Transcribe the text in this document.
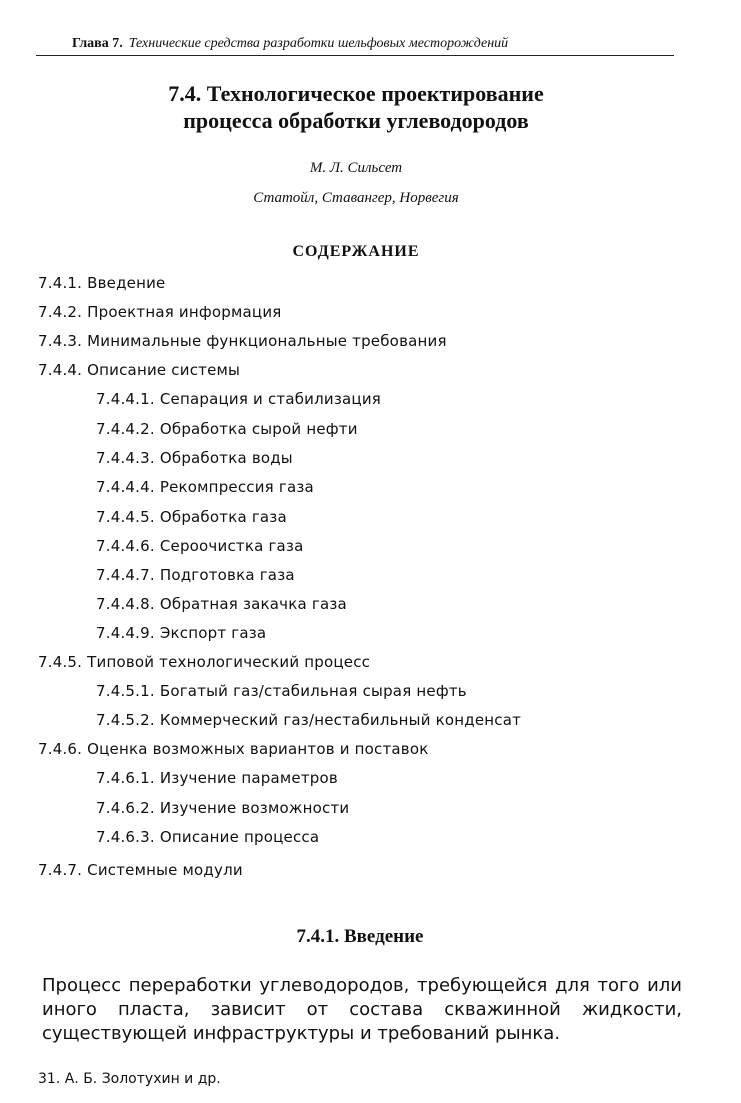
Глава 7. Технические средства разработки шельфовых месторождений
7.4. Технологическое проектирование
процесса обработки углеводородов
М. Л. Сильсет
Статойл, Ставангер, Норвегия
СОДЕРЖАНИЕ
7.4.1. Введение
7.4.2. Проектная информация
7.4.3. Минимальные функциональные требования
7.4.4. Описание системы
7.4.4.1. Сепарация и стабилизация
7.4.4.2. Обработка сырой нефти
7.4.4.3. Обработка воды
7.4.4.4. Рекомпрессия газа
7.4.4.5. Обработка газа
7.4.4.6. Сероочистка газа
7.4.4.7. Подготовка газа
7.4.4.8. Обратная закачка газа
7.4.4.9. Экспорт газа
7.4.5. Типовой технологический процесс
7.4.5.1. Богатый газ/стабильная сырая нефть
7.4.5.2. Коммерческий газ/нестабильный конденсат
7.4.6. Оценка возможных вариантов и поставок
7.4.6.1. Изучение параметров
7.4.6.2. Изучение возможности
7.4.6.3. Описание процесса
7.4.7. Системные модули
7.4.1. Введение
Процесс переработки углеводородов, требующейся для того или иного пласта, зависит от состава скважинной жидкости, существующей инфраструктуры и требований рынка.
31. А. Б. Золотухин и др.
